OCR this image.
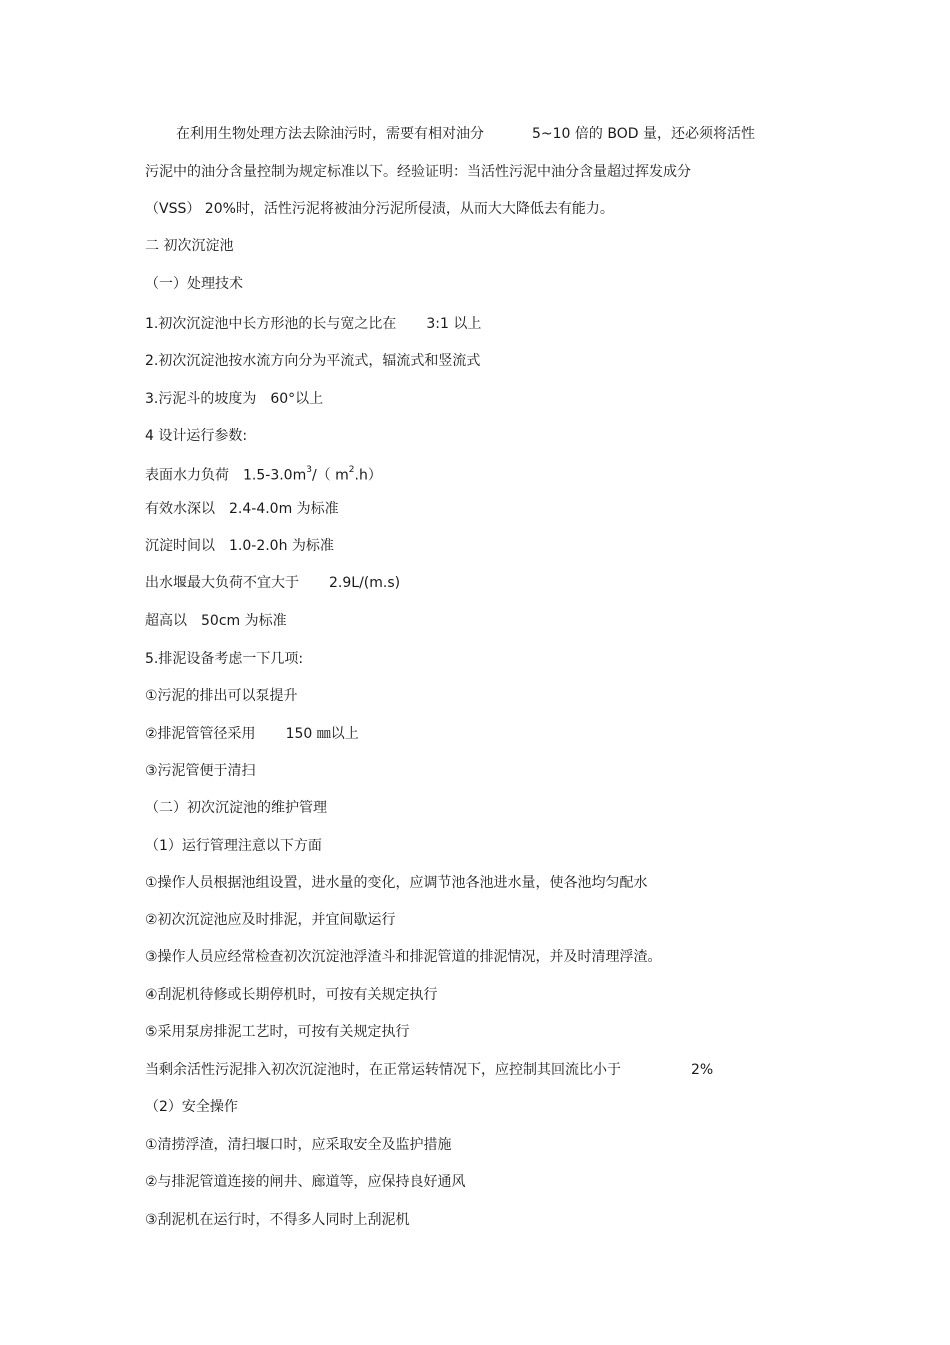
在利用生物处理方法去除油污时，需要有相对油分	5~10 倍的 BOD 量，还必须将活性
污泥中的油分含量控制为规定标准以下。经验证明：当活性污泥中油分含量超过挥发成分
（VSS） 20%时，活性污泥将被油分污泥所侵渍，从而大大降低去有能力。
二 初次沉淀池
（一）处理技术
1.初次沉淀池中长方形池的长与宽之比在 3:1 以上
2.初次沉淀池按水流方向分为平流式，辐流式和竖流式
3.污泥斗的坡度为 60°以上
4 设计运行参数:
表面水力负荷 $1.5-3.0m^3/$（ $m^2.h$）
有效水深以 2.4-4.0m 为标准
沉淀时间以 1.0-2.0h 为标准
出水堰最大负荷不宜大于 2.9L/(m.s)
超高以 50cm 为标准
5.排泥设备考虑一下几项:
①污泥的排出可以泵提升
②排泥管管径采用 150 ㎜以上
③污泥管便于清扫
（二）初次沉淀池的维护管理
（1）运行管理注意以下方面
①操作人员根据池组设置，进水量的变化，应调节池各池进水量，使各池均匀配水
②初次沉淀池应及时排泥，并宜间歇运行
③操作人员应经常检查初次沉淀池浮渣斗和排泥管道的排泥情况，并及时清理浮渣。
④刮泥机待修或长期停机时，可按有关规定执行
⑤采用泵房排泥工艺时，可按有关规定执行
当剩余活性污泥排入初次沉淀池时，在正常运转情况下，应控制其回流比小于	2%
（2）安全操作
①清捞浮渣，清扫堰口时，应采取安全及监护措施
②与排泥管道连接的闸井、廊道等，应保持良好通风
③刮泥机在运行时，不得多人同时上刮泥机
